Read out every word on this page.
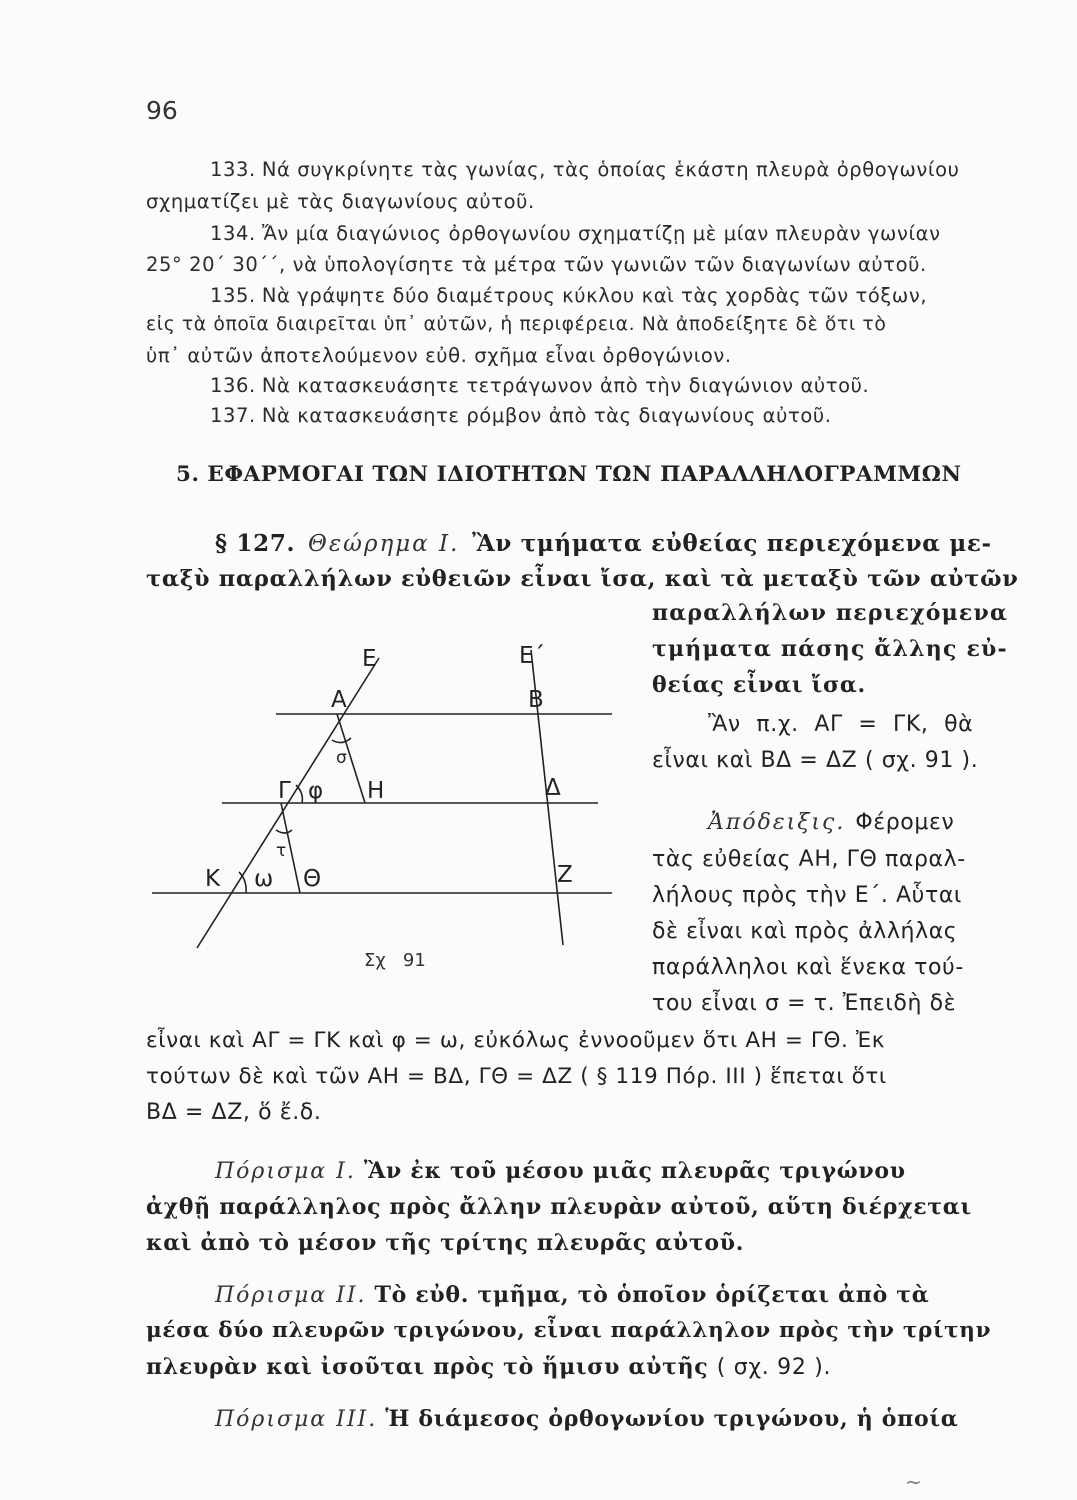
96
133. Νά συγκρίνητε τὰς γωνίας, τὰς ὁποίας ἑκάστη πλευρὰ ὀρθογωνίου
σχηματίζει μὲ τὰς διαγωνίους αὐτοῦ.
134. Ἄν μία διαγώνιος ὀρθογωνίου σχηματίζῃ μὲ μίαν πλευρὰν γωνίαν
25° 20΄ 30΄΄, νὰ ὑπολογίσητε τὰ μέτρα τῶν γωνιῶν τῶν διαγωνίων αὐτοῦ.
135. Νὰ γράψητε δύο διαμέτρους κύκλου καὶ τὰς χορδὰς τῶν τόξων,
εἰς τὰ ὁποῖα διαιρεῖται ὑπ᾽ αὐτῶν, ἡ περιφέρεια. Νὰ ἀποδείξητε δὲ ὅτι τὸ
ὑπ᾽ αὐτῶν ἀποτελούμενον εὐθ. σχῆμα εἶναι ὀρθογώνιον.
136. Νὰ κατασκευάσητε τετράγωνον ἀπὸ τὴν διαγώνιον αὐτοῦ.
137. Νὰ κατασκευάσητε ρόμβον ἀπὸ τὰς διαγωνίους αὐτοῦ.
5. ΕΦΑΡΜΟΓΑΙ ΤΩΝ ΙΔΙΟΤΗΤΩΝ ΤΩΝ ΠΑΡΑΛΛΗΛΟΓΡΑΜΜΩΝ
§ 127. Θεώρημα Ι. Ἂν τμήματα εὐθείας περιεχόμενα με-
ταξὺ παραλλήλων εὐθειῶν εἶναι ἴσα, καὶ τὰ μεταξὺ τῶν αὐτῶν
παραλλήλων περιεχόμενα
τμήματα πάσης ἄλλης εὐ-
θείας εἶναι ἴσα.
Ἂν π.χ. ΑΓ = ΓΚ, θὰ
εἶναι καὶ ΒΔ = ΔΖ ( σχ. 91 ).
Ἀπόδειξις. Φέρομεν
τὰς εὐθείας ΑΗ, ΓΘ παραλ-
λήλους πρὸς τὴν Ε΄. Αὗται
δὲ εἶναι καὶ πρὸς ἀλλήλας
παράλληλοι καὶ ἕνεκα τού-
του εἶναι σ = τ. Ἐπειδὴ δὲ
εἶναι καὶ ΑΓ = ΓΚ καὶ φ = ω, εὐκόλως ἐννοοῦμεν ὅτι ΑΗ = ΓΘ. Ἐκ
τούτων δὲ καὶ τῶν ΑΗ = ΒΔ, ΓΘ = ΔΖ ( § 119 Πόρ. ΙΙΙ ) ἕπεται ὅτι
ΒΔ = ΔΖ, ὅ ἔ.δ.
Πόρισμα Ι. Ἂν ἐκ τοῦ μέσου μιᾶς πλευρᾶς τριγώνου
ἀχθῇ παράλληλος πρὸς ἄλλην πλευρὰν αὐτοῦ, αὕτη διέρχεται
καὶ ἀπὸ τὸ μέσον τῆς τρίτης πλευρᾶς αὐτοῦ.
Πόρισμα ΙΙ. Τὸ εὐθ. τμῆμα, τὸ ὁποῖον ὁρίζεται ἀπὸ τὰ
μέσα δύο πλευρῶν τριγώνου, εἶναι παράλληλον πρὸς τὴν τρίτην
πλευρὰν καὶ ἰσοῦται πρὸς τὸ ἥμισυ αὐτῆς ( σχ. 92 ).
Πόρισμα ΙΙΙ. Ἡ διάμεσος ὀρθογωνίου τριγώνου, ἡ ὁποία
Ε	Ε΄
Α	Β
σ
Γ φ Η	Δ
τ
Κ ω Θ	Ζ
Σχ   91
~
